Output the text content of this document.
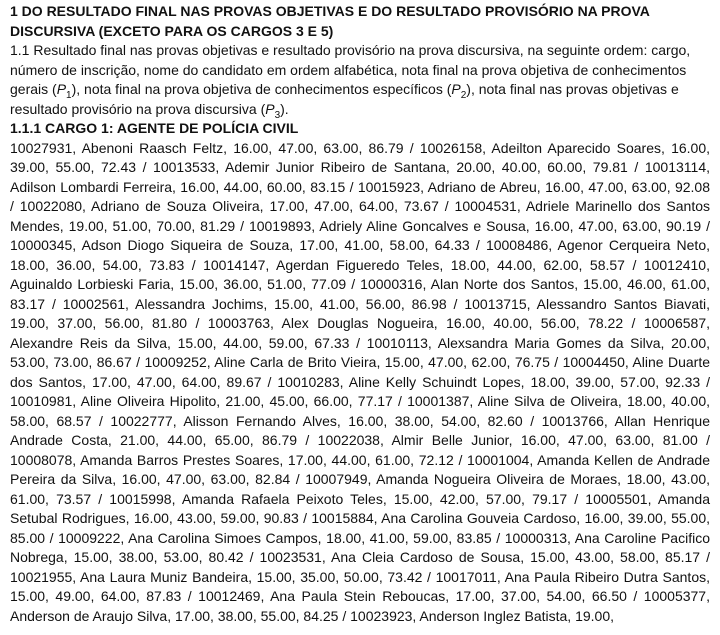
1 DO RESULTADO FINAL NAS PROVAS OBJETIVAS E DO RESULTADO PROVISÓRIO NA PROVA DISCURSIVA (EXCETO PARA OS CARGOS 3 E 5)

1.1 Resultado final nas provas objetivas e resultado provisório na prova discursiva, na seguinte ordem: cargo, número de inscrição, nome do candidato em ordem alfabética, nota final na prova objetiva de conhecimentos gerais $(P_1)$, nota final na prova objetiva de conhecimentos específicos $(P_2)$, nota final nas provas objetivas e resultado provisório na prova discursiva $(P_3)$.

1.1.1 CARGO 1: AGENTE DE POLÍCIA CIVIL

10027931, Abenoni Raasch Feltz, 16.00, 47.00, 63.00, 86.79 / 10026158, Adeilton Aparecido Soares, 16.00, 39.00, 55.00, 72.43 / 10013533, Ademir Junior Ribeiro de Santana, 20.00, 40.00, 60.00, 79.81 / 10013114, Adilson Lombardi Ferreira, 16.00, 44.00, 60.00, 83.15 / 10015923, Adriano de Abreu, 16.00, 47.00, 63.00, 92.08 / 10022080, Adriano de Souza Oliveira, 17.00, 47.00, 64.00, 73.67 / 10004531, Adriele Marinello dos Santos Mendes, 19.00, 51.00, 70.00, 81.29 / 10019893, Adriely Aline Goncalves e Sousa, 16.00, 47.00, 63.00, 90.19 / 10000345, Adson Diogo Siqueira de Souza, 17.00, 41.00, 58.00, 64.33 / 10008486, Agenor Cerqueira Neto, 18.00, 36.00, 54.00, 73.83 / 10014147, Agerdan Figueredo Teles, 18.00, 44.00, 62.00, 58.57 / 10012410, Aguinaldo Lorbieski Faria, 15.00, 36.00, 51.00, 77.09 / 10000316, Alan Norte dos Santos, 15.00, 46.00, 61.00, 83.17 / 10002561, Alessandra Jochims, 15.00, 41.00, 56.00, 86.98 / 10013715, Alessandro Santos Biavati, 19.00, 37.00, 56.00, 81.80 / 10003763, Alex Douglas Nogueira, 16.00, 40.00, 56.00, 78.22 / 10006587, Alexandre Reis da Silva, 15.00, 44.00, 59.00, 67.33 / 10010113, Alexsandra Maria Gomes da Silva, 20.00, 53.00, 73.00, 86.67 / 10009252, Aline Carla de Brito Vieira, 15.00, 47.00, 62.00, 76.75 / 10004450, Aline Duarte dos Santos, 17.00, 47.00, 64.00, 89.67 / 10010283, Aline Kelly Schuindt Lopes, 18.00, 39.00, 57.00, 92.33 / 10010981, Aline Oliveira Hipolito, 21.00, 45.00, 66.00, 77.17 / 10001387, Aline Silva de Oliveira, 18.00, 40.00, 58.00, 68.57 / 10022777, Alisson Fernando Alves, 16.00, 38.00, 54.00, 82.60 / 10013766, Allan Henrique Andrade Costa, 21.00, 44.00, 65.00, 86.79 / 10022038, Almir Belle Junior, 16.00, 47.00, 63.00, 81.00 / 10008078, Amanda Barros Prestes Soares, 17.00, 44.00, 61.00, 72.12 / 10001004, Amanda Kellen de Andrade Pereira da Silva, 16.00, 47.00, 63.00, 82.84 / 10007949, Amanda Nogueira Oliveira de Moraes, 18.00, 43.00, 61.00, 73.57 / 10015998, Amanda Rafaela Peixoto Teles, 15.00, 42.00, 57.00, 79.17 / 10005501, Amanda Setubal Rodrigues, 16.00, 43.00, 59.00, 90.83 / 10015884, Ana Carolina Gouveia Cardoso, 16.00, 39.00, 55.00, 85.00 / 10009222, Ana Carolina Simoes Campos, 18.00, 41.00, 59.00, 83.85 / 10000313, Ana Caroline Pacifico Nobrega, 15.00, 38.00, 53.00, 80.42 / 10023531, Ana Cleia Cardoso de Sousa, 15.00, 43.00, 58.00, 85.17 / 10021955, Ana Laura Muniz Bandeira, 15.00, 35.00, 50.00, 73.42 / 10017011, Ana Paula Ribeiro Dutra Santos, 15.00, 49.00, 64.00, 87.83 / 10012469, Ana Paula Stein Reboucas, 17.00, 37.00, 54.00, 66.50 / 10005377, Anderson de Araujo Silva, 17.00, 38.00, 55.00, 84.25 / 10023923, Anderson Inglez Batista, 19.00,
